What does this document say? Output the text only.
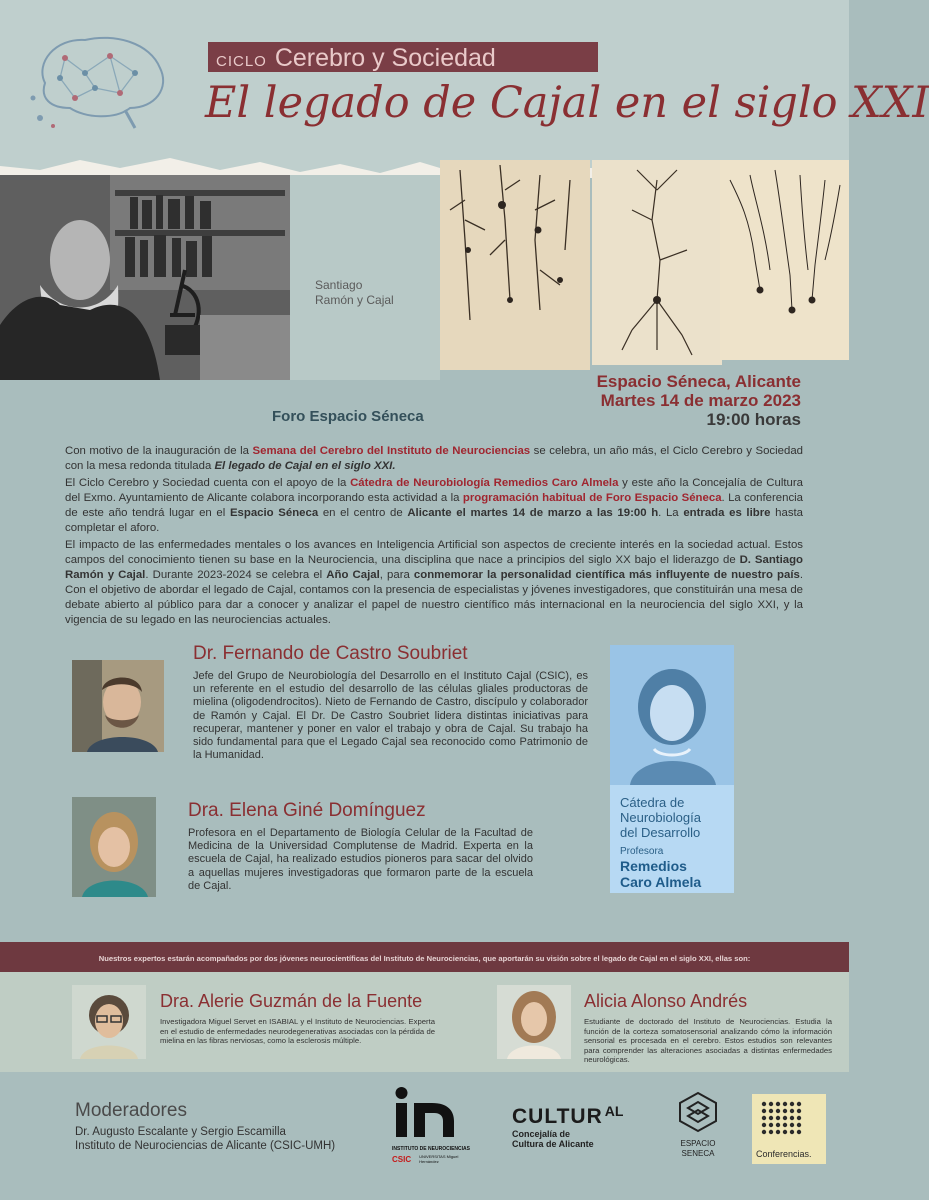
CICLO Cerebro y Sociedad
El legado de Cajal en el siglo XXI
Santiago
Ramón y Cajal
Espacio Séneca, Alicante
Martes 14 de marzo 2023
19:00 horas
Foro Espacio Séneca

Con motivo de la inauguración de la Semana del Cerebro del Instituto de Neurociencias se celebra, un año más, el Ciclo Cerebro y Sociedad con la mesa redonda titulada El legado de Cajal en el siglo XXI.

El Ciclo Cerebro y Sociedad cuenta con el apoyo de la Cátedra de Neurobiología Remedios Caro Almela y este año la Concejalía de Cultura del Exmo. Ayuntamiento de Alicante colabora incorporando esta actividad a la programación habitual de Foro Espacio Séneca. La conferencia de este año tendrá lugar en el Espacio Séneca en el centro de Alicante el martes 14 de marzo a las 19:00 h. La entrada es libre hasta completar el aforo.

El impacto de las enfermedades mentales o los avances en Inteligencia Artificial son aspectos de creciente interés en la sociedad actual. Estos campos del conocimiento tienen su base en la Neurociencia, una disciplina que nace a principios del siglo XX bajo el liderazgo de D. Santiago Ramón y Cajal. Durante 2023-2024 se celebra el Año Cajal, para conmemorar la personalidad científica más influyente de nuestro país. Con el objetivo de abordar el legado de Cajal, contamos con la presencia de especialistas y jóvenes investigadores, que constituirán una mesa de debate abierto al público para dar a conocer y analizar el papel de nuestro científico más internacional en la neurociencia del siglo XXI, y la vigencia de su legado en las neurociencias actuales.

Dr. Fernando de Castro Soubriet
Jefe del Grupo de Neurobiología del Desarrollo en el Instituto Cajal (CSIC), es un referente en el estudio del desarrollo de las células gliales productoras de mielina (oligodendrocitos). Nieto de Fernando de Castro, discípulo y colaborador de Ramón y Cajal. El Dr. De Castro Soubriet lidera distintas iniciativas para recuperar, mantener y poner en valor el trabajo y obra de Cajal. Su trabajo ha sido fundamental para que el Legado Cajal sea reconocido como Patrimonio de la Humanidad.
Dra. Elena Giné Domínguez
Profesora en el Departamento de Biología Celular de la Facultad de Medicina de la Universidad Complutense de Madrid. Experta en la escuela de Cajal, ha realizado estudios pioneros para sacar del olvido a aquellas mujeres investigadoras que formaron parte de la escuela de Cajal.
Cátedra de
Neurobiología
del Desarrollo
Profesora
Remedios
Caro Almela
Nuestros expertos estarán acompañados por dos jóvenes neurocientíficas del Instituto de Neurociencias, que aportarán su visión sobre el legado de Cajal en el siglo XXI, ellas son:
Dra. Alerie Guzmán de la Fuente
Investigadora Miguel Servet en ISABIAL y el Instituto de Neurociencias. Experta en el estudio de enfermedades neurodegenerativas asociadas con la pérdida de mielina en las fibras nerviosas, como la esclerosis múltiple.
Alicia Alonso Andrés
Estudiante de doctorado del Instituto de Neurociencias. Estudia la función de la corteza somatosensorial analizando cómo la información sensorial es procesada en el cerebro. Estos estudios son relevantes para comprender las alteraciones asociadas a distintas enfermedades neurológicas.
Moderadores
Dr. Augusto Escalante y Sergio Escamilla
Instituto de Neurociencias de Alicante (CSIC-UMH)	INSTITUTO DE NEUROCIENCIAS
CSIC UNIVERSITAS Miguel Hernández
CULTUR AL
Concejalía de
Cultura de Alicante	ESPACIO
SENECA	Conferencias.
